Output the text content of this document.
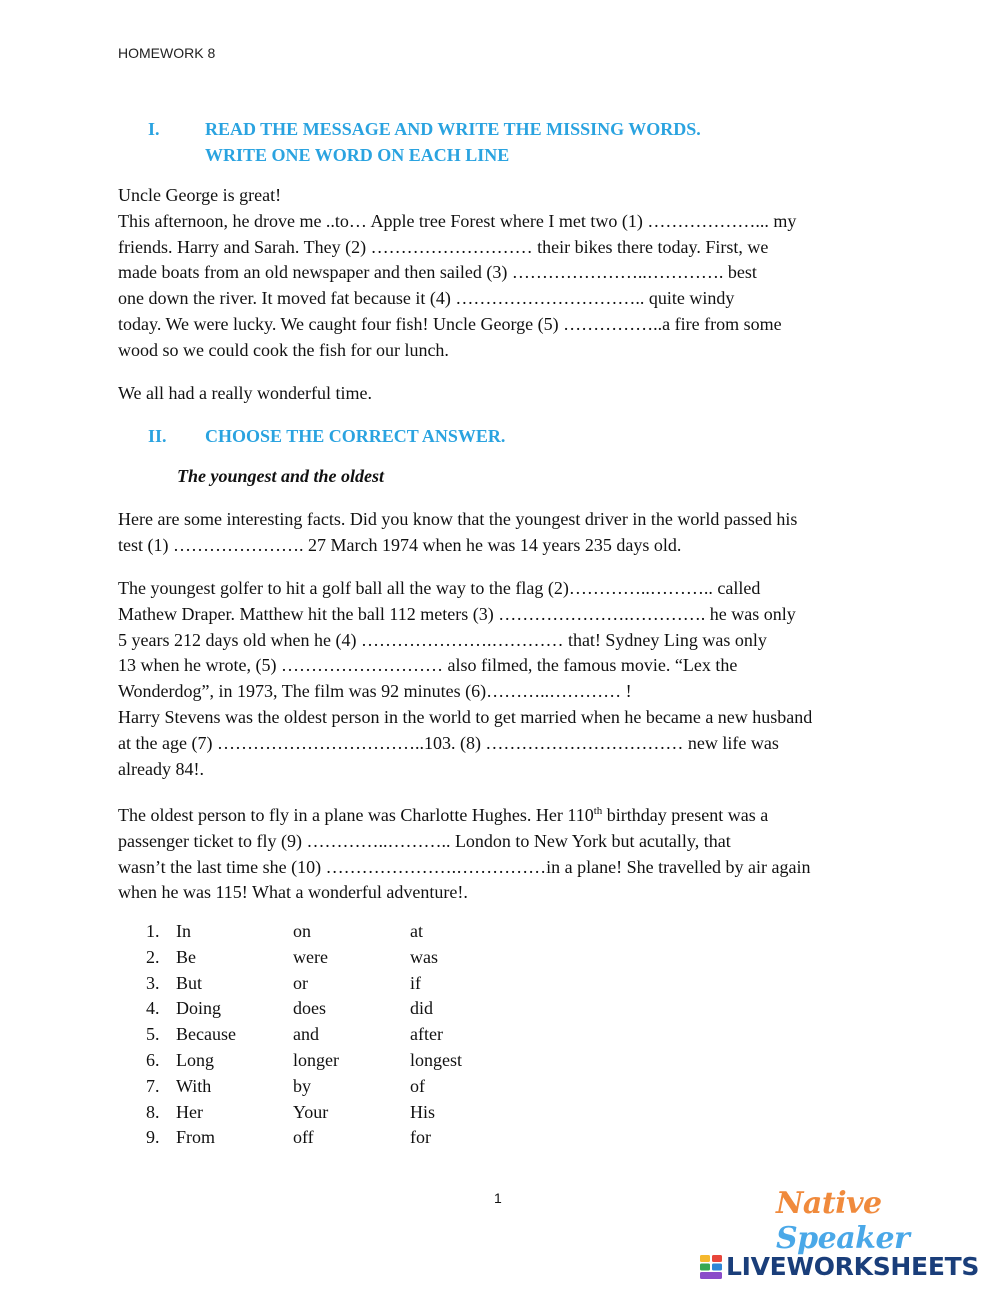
HOMEWORK 8
I.	READ THE MESSAGE AND WRITE THE MISSING WORDS.
WRITE ONE WORD ON EACH LINE
Uncle George is great!
This afternoon, he drove me ..to… Apple tree Forest where I met two (1) ………………... my
friends. Harry and Sarah. They (2) ……………………… their bikes there today. First, we
made boats from an old newspaper and then sailed (3) …………………..…………. best
one down the river. It moved fat because it (4) ………………………….. quite windy
today. We were lucky. We caught four fish! Uncle George (5) ……………..a fire from some
wood so we could cook the fish for our lunch.
We all had a really wonderful time.
II. CHOOSE THE CORRECT ANSWER.
The youngest and the oldest
Here are some interesting facts. Did you know that the youngest driver in the world passed his
test (1) …………………. 27 March 1974 when he was 14 years 235 days old.
The youngest golfer to hit a golf ball all the way to the flag (2)…………..……….. called
Mathew Draper. Matthew hit the ball 112 meters (3) ………………….…………. he was only
5 years 212 days old when he (4) ………………….………… that! Sydney Ling was only
13 when he wrote, (5) ……………………… also filmed, the famous movie. “Lex the
Wonderdog”, in 1973, The film was 92 minutes (6)………..………… !
Harry Stevens was the oldest person in the world to get married when he became a new husband
at the age (7) ……………………………..103. (8) …………………………… new life was
already 84!.
The oldest person to fly in a plane was Charlotte Hughes. Her 110th birthday present was a
passenger ticket to fly (9) …………..……….. London to New York but acutally, that
wasn’t the last time she (10) ………………….……………in a plane! She travelled by air again
when he was 115! What a wonderful adventure!.
1. In	on	at
2. Be	were	was
3. But	or	if
4. Doing	does	did
5. Because	and	after
6. Long	longer	longest
7. With	by	of
8. Her	Your	His
9. From	off	for
1	Native Speaker
LIVEWORKSHEETS
